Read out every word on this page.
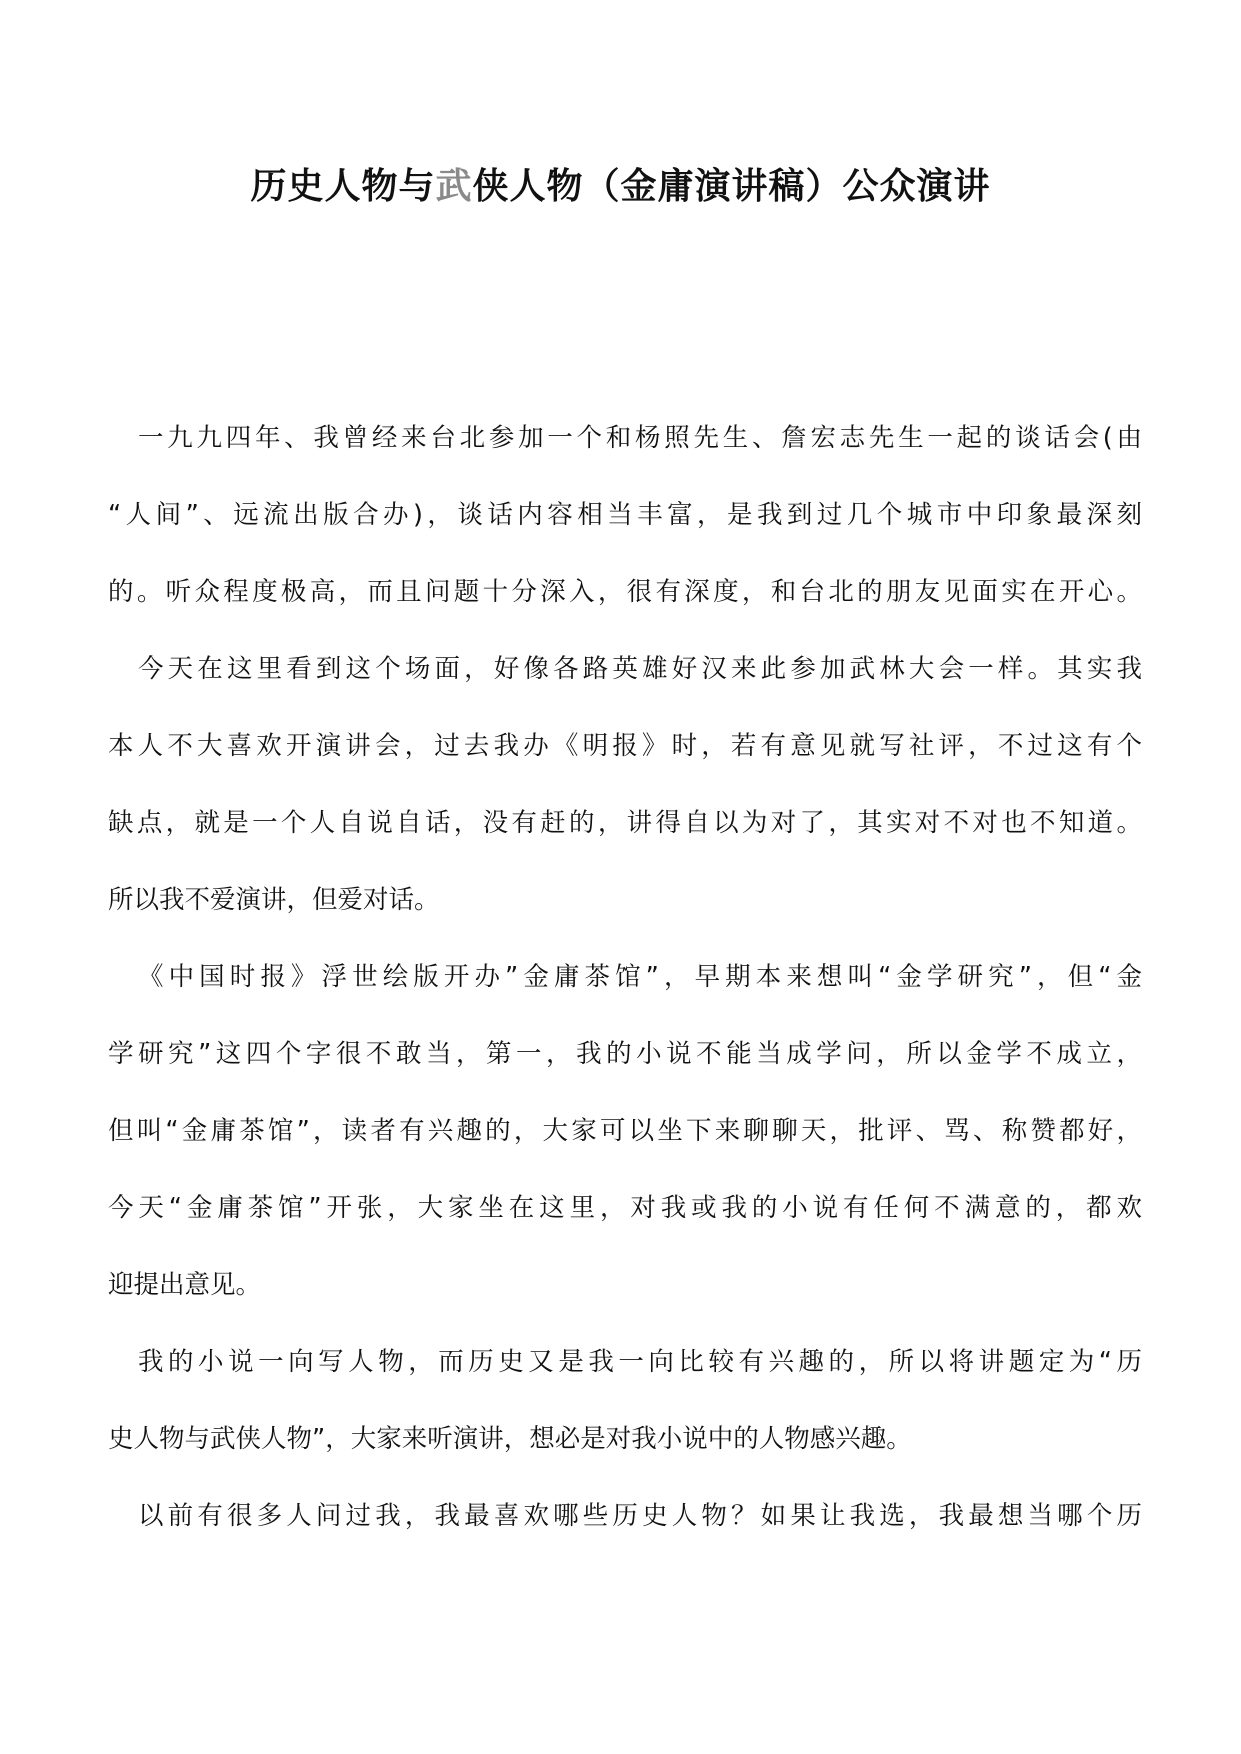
历史人物与武侠人物（金庸演讲稿）公众演讲
一九九四年、我曾经来台北参加一个和杨照先生、詹宏志先生一起的谈话会(由
“人间”、远流出版合办)，谈话内容相当丰富，是我到过几个城市中印象最深刻
的。听众程度极高，而且问题十分深入，很有深度，和台北的朋友见面实在开心。
今天在这里看到这个场面，好像各路英雄好汉来此参加武林大会一样。其实我
本人不大喜欢开演讲会，过去我办《明报》时，若有意见就写社评，不过这有个
缺点，就是一个人自说自话，没有赶的，讲得自以为对了，其实对不对也不知道。
所以我不爱演讲，但爱对话。
《中国时报》浮世绘版开办”金庸茶馆”，早期本来想叫“金学研究”，但“金
学研究”这四个字很不敢当，第一，我的小说不能当成学问，所以金学不成立，
但叫“金庸茶馆”，读者有兴趣的，大家可以坐下来聊聊天，批评、骂、称赞都好，
今天“金庸茶馆”开张，大家坐在这里，对我或我的小说有任何不满意的，都欢
迎提出意见。
我的小说一向写人物，而历史又是我一向比较有兴趣的，所以将讲题定为“历
史人物与武侠人物”，大家来听演讲，想必是对我小说中的人物感兴趣。
以前有很多人问过我，我最喜欢哪些历史人物？如果让我选，我最想当哪个历
